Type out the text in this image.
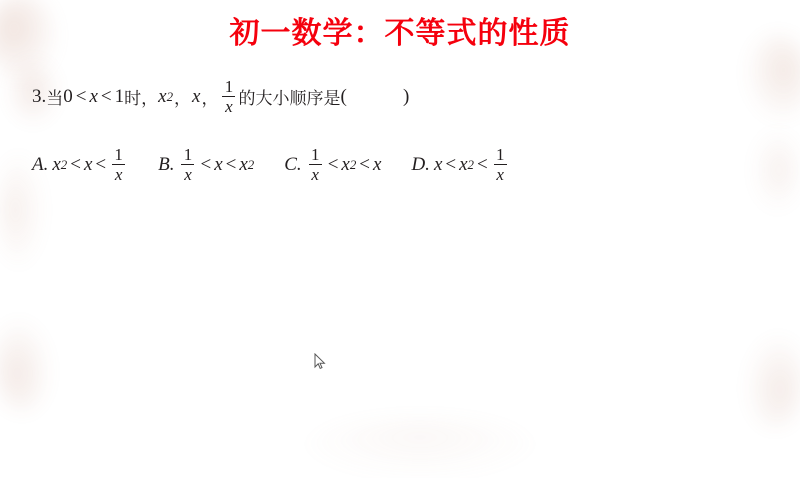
初一数学：不等式的性质
3. 当 0 < x < 1 时， x 2 ， x ， $\frac{1}{x}$ 的大小顺序是 (
	)
A. x $2 < x < \frac{1}{x} B$. $\frac{1}{x} < x < x$ 2 C. $\frac{1}{x} < x$ 2 < x D. x < x $2 < \frac{1}{x}$
